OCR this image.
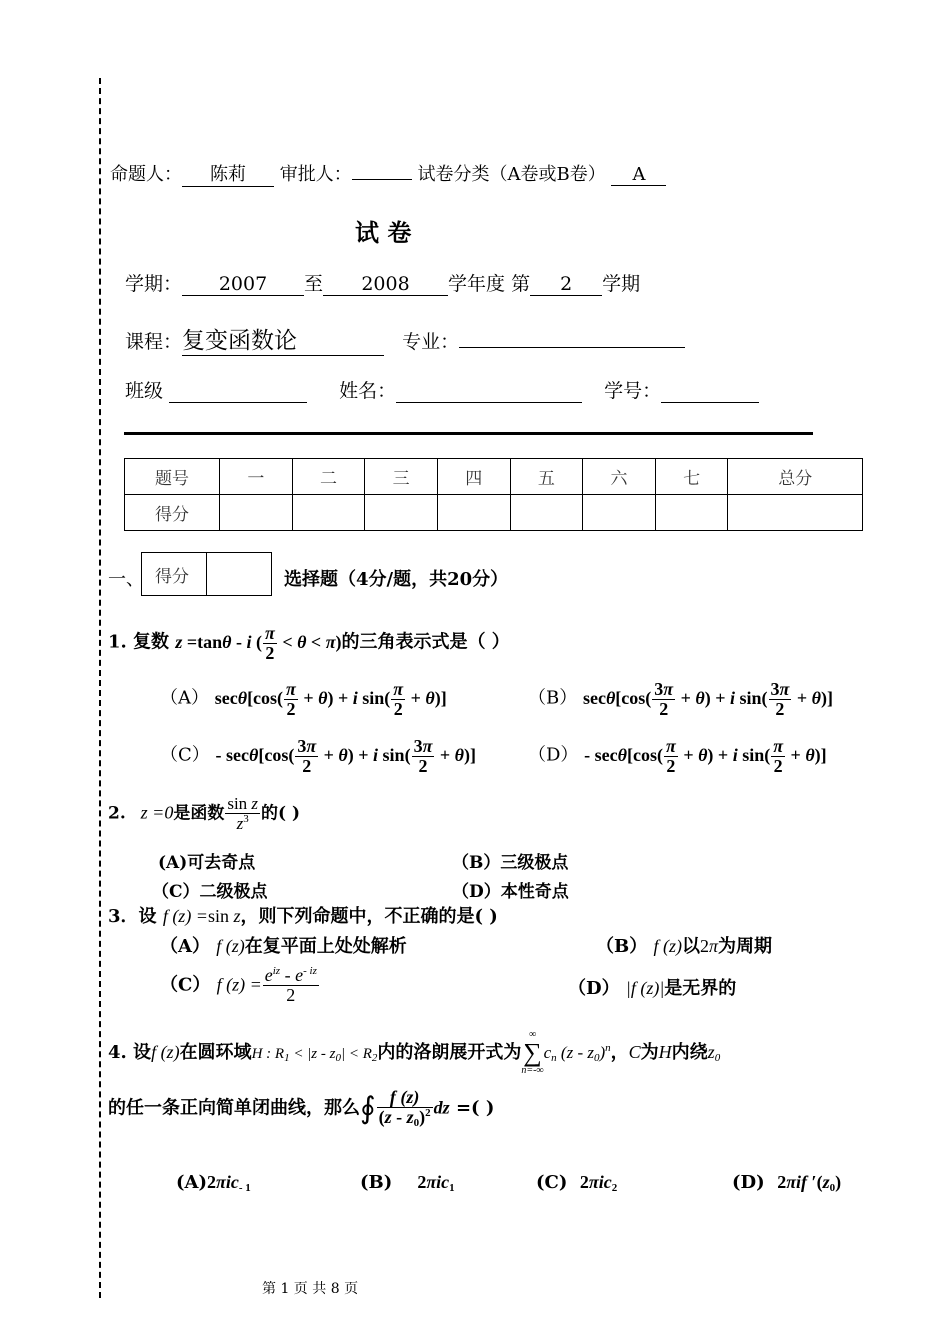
命题人： 陈莉 审批人：	试卷分类（A卷或B卷） A
试 卷
学期： 2007 至 2008 学年度 第 2 学期
课程：复变函数论	专业：
班级	姓名：	学号：
题号	一	二	三	四	五	六	七	总分
得分								
一、 得分	选择题（4分/题，共20分）
1. 复数 z =tanθ - i ( $\frac{\pi}{2} < \theta < \pi$)的三角表示式是（ ）
（A） $\sec\theta[\cos( \frac{\pi}{2} + \theta) + i$ $\sin( \frac{\pi}{2} + \theta)$]	（B） $\sec\theta[\cos( \frac{3\pi}{2} + \theta) + i$ $\sin( \frac{3\pi}{2} + \theta)$]
$(C) - \sec\theta[\cos( \frac{3\pi}{2} + \theta) + i$ $\sin( \frac{3\pi}{2} + \theta)$]	$(D) - \sec\theta[\cos( \frac{\pi}{2} + \theta) + i$ $\sin( \frac{\pi}{2} + \theta)$]
2.   z =0是函数 $\frac{\text{sin z}}{z^3}$ 的( )
(A)可去奇点	（B）三级极点
（C）二级极点	（D）本性奇点
3．设 f (z) =sin z，则下列命题中，不正确的是( )
（A） f (z)在复平面上处处解析	（B） f (z)以2π为周期
（C） f $(z) = \frac{e^{iz} - e^{- iz}}{2}$	（D） |f (z)|是无界的
4. 设f (z)在圆环域H : $R_1 < |z - z_0| < R_2$内的洛朗展开式为
∞
∑
n=-∞
$c_n$ $(z - z_0)^n$，C为H内绕$z_0$
的任一条正向简单闭曲线，那么∮ $\frac{f (z)}{(z - z_0)^2}$ dz =( )
(A)2πic$_{- 1}$	(B) 2πic$_1$	(C) 2πic$_2$	(D) 2πif $'(z_0)$
第 1 页 共 8 页
